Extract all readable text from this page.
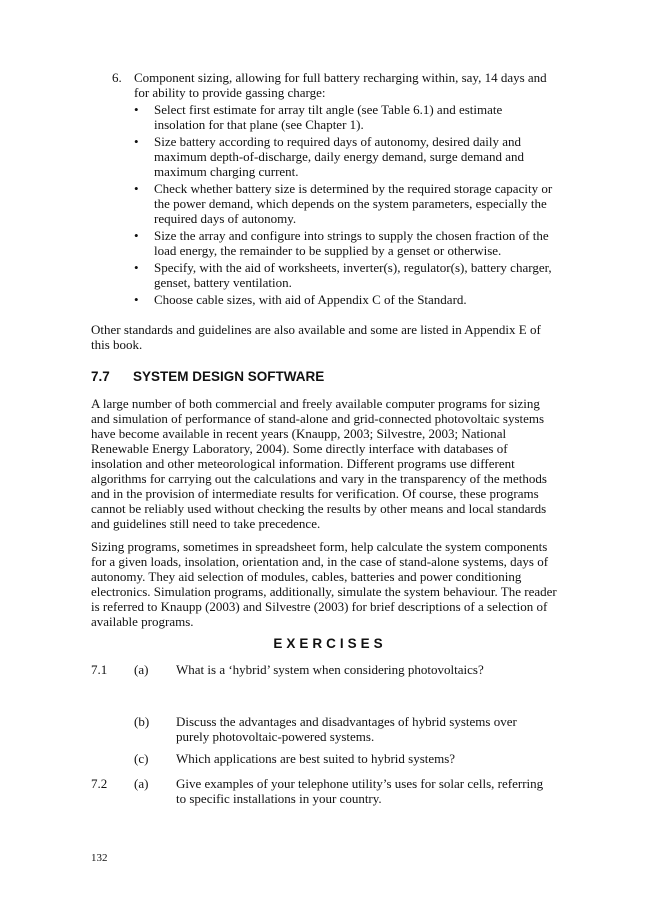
6. Component sizing, allowing for full battery recharging within, say, 14 days and for ability to provide gassing charge:
• Select first estimate for array tilt angle (see Table 6.1) and estimate insolation for that plane (see Chapter 1).
• Size battery according to required days of autonomy, desired daily and maximum depth-of-discharge, daily energy demand, surge demand and maximum charging current.
• Check whether battery size is determined by the required storage capacity or the power demand, which depends on the system parameters, especially the required days of autonomy.
• Size the array and configure into strings to supply the chosen fraction of the load energy, the remainder to be supplied by a genset or otherwise.
• Specify, with the aid of worksheets, inverter(s), regulator(s), battery charger, genset, battery ventilation.
• Choose cable sizes, with aid of Appendix C of the Standard.

Other standards and guidelines are also available and some are listed in Appendix E of this book.

7.7 SYSTEM DESIGN SOFTWARE

A large number of both commercial and freely available computer programs for sizing and simulation of performance of stand-alone and grid-connected photovoltaic systems have become available in recent years (Knaupp, 2003; Silvestre, 2003; National Renewable Energy Laboratory, 2004). Some directly interface with databases of insolation and other meteorological information. Different programs use different algorithms for carrying out the calculations and vary in the transparency of the methods and in the provision of intermediate results for verification. Of course, these programs cannot be reliably used without checking the results by other means and local standards and guidelines still need to take precedence.

Sizing programs, sometimes in spreadsheet form, help calculate the system components for a given loads, insolation, orientation and, in the case of stand-alone systems, days of autonomy. They aid selection of modules, cables, batteries and power conditioning electronics. Simulation programs, additionally, simulate the system behaviour. The reader is referred to Knaupp (2003) and Silvestre (2003) for brief descriptions of a selection of available programs.

EXERCISES
7.1 (a) What is a ‘hybrid’ system when considering photovoltaics?
(b) Discuss the advantages and disadvantages of hybrid systems over purely photovoltaic-powered systems.
(c) Which applications are best suited to hybrid systems?
7.2 (a) Give examples of your telephone utility’s uses for solar cells, referring to specific installations in your country.
132
